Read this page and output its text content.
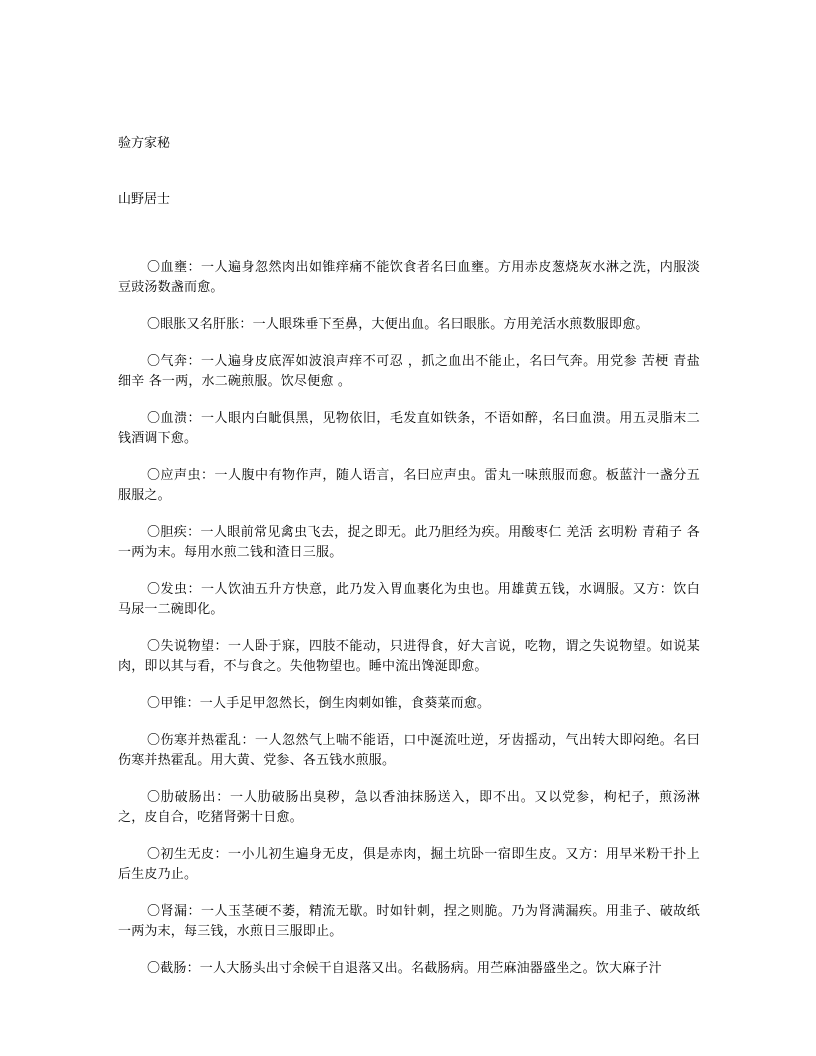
验方家秘
山野居士

〇血壅：一人遍身忽然肉出如锥痒痛不能饮食者名曰血壅。方用赤皮葱烧灰水淋之洗，内服淡豆豉汤数盏而愈。

〇眼胀又名肝胀：一人眼珠垂下至鼻，大便出血。名曰眼胀。方用羌活水煎数服即愈。

〇气奔：一人遍身皮底浑如波浪声痒不可忍 ，抓之血出不能止，名曰气奔。用党参 苦梗 青盐 细辛 各一两，水二碗煎服。饮尽便愈 。

〇血溃：一人眼内白眦俱黑，见物依旧，毛发直如铁条，不语如醉，名曰血溃。用五灵脂末二钱酒调下愈。

〇应声虫：一人腹中有物作声，随人语言，名曰应声虫。雷丸一味煎服而愈。板蓝汁一盏分五服服之。

〇胆疾：一人眼前常见禽虫飞去，捉之即无。此乃胆经为疾。用酸枣仁 羌活 玄明粉 青葙子 各一两为末。每用水煎二钱和渣日三服。

〇发虫：一人饮油五升方快意，此乃发入胃血裹化为虫也。用雄黄五钱，水调服。又方：饮白马尿一二碗即化。

〇失说物望：一人卧于寐，四肢不能动，只进得食，好大言说，吃物，谓之失说物望。如说某肉，即以其与看，不与食之。失他物望也。睡中流出馋涎即愈。

〇甲锥：一人手足甲忽然长，倒生肉刺如锥，食葵菜而愈。

〇伤寒并热霍乱：一人忽然气上喘不能语，口中涎流吐逆，牙齿摇动，气出转大即闷绝。名曰伤寒并热霍乱。用大黄、党参、各五钱水煎服。

〇肋破肠出：一人肋破肠出臭秽，急以香油抹肠送入，即不出。又以党参，枸杞子，煎汤淋之，皮自合，吃猪肾粥十日愈。

〇初生无皮：一小儿初生遍身无皮，俱是赤肉，掘土坑卧一宿即生皮。又方：用早米粉干扑上后生皮乃止。

〇肾漏：一人玉茎硬不萎，精流无歇。时如针刺，捏之则脆。乃为肾满漏疾。用韭子、破故纸一两为末，每三钱，水煎日三服即止。

〇截肠：一人大肠头出寸余候干自退落又出。名截肠病。用苎麻油器盛坐之。饮大麻子汁
